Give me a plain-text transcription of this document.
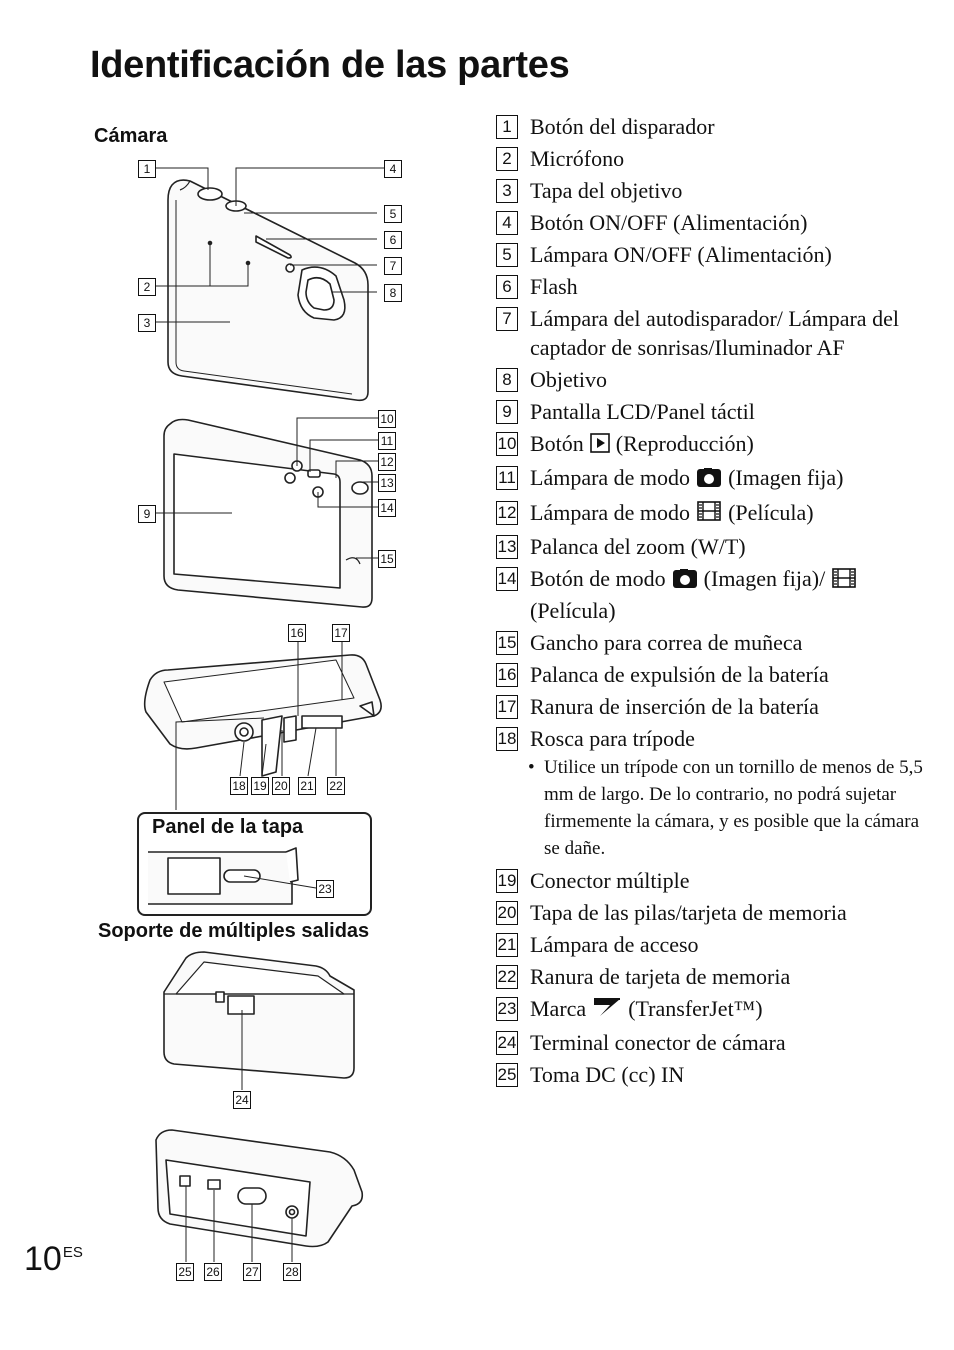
Identificación de las partes
Cámara
Soporte de múltiples salidas
Panel de la tapa
1
2
3
4
5
6
7
8
9
10
11
12
13
14
15
16	17
18 19 20 21 22
23
24
25 26 27 28
1 Botón del disparador
2 Micrófono
3 Tapa del objetivo
4 Botón ON/OFF (Alimentación)
5 Lámpara ON/OFF (Alimentación)
6 Flash
7 Lámpara del autodisparador/ Lámpara del captador de sonrisas/Iluminador AF
8 Objetivo
9 Pantalla LCD/Panel táctil
10 Botón (Reproducción)
11 Lámpara de modo (Imagen fija)
12 Lámpara de modo (Película)
13 Palanca del zoom (W/T)
14 Botón de modo (Imagen fija)/(Película)
15 Gancho para correa de muñeca
16 Palanca de expulsión de la batería
17 Ranura de inserción de la batería
18 Rosca para trípode
• Utilice un trípode con un tornillo de menos de 5,5 mm de largo. De lo contrario, no podrá sujetar firmemente la cámara, y es posible que la cámara se dañe.
19 Conector múltiple
20 Tapa de las pilas/tarjeta de memoria
21 Lámpara de acceso
22 Ranura de tarjeta de memoria
23 Marca (TransferJet™)
24 Terminal conector de cámara
25 Toma DC (cc) IN
$10^{ES}$
